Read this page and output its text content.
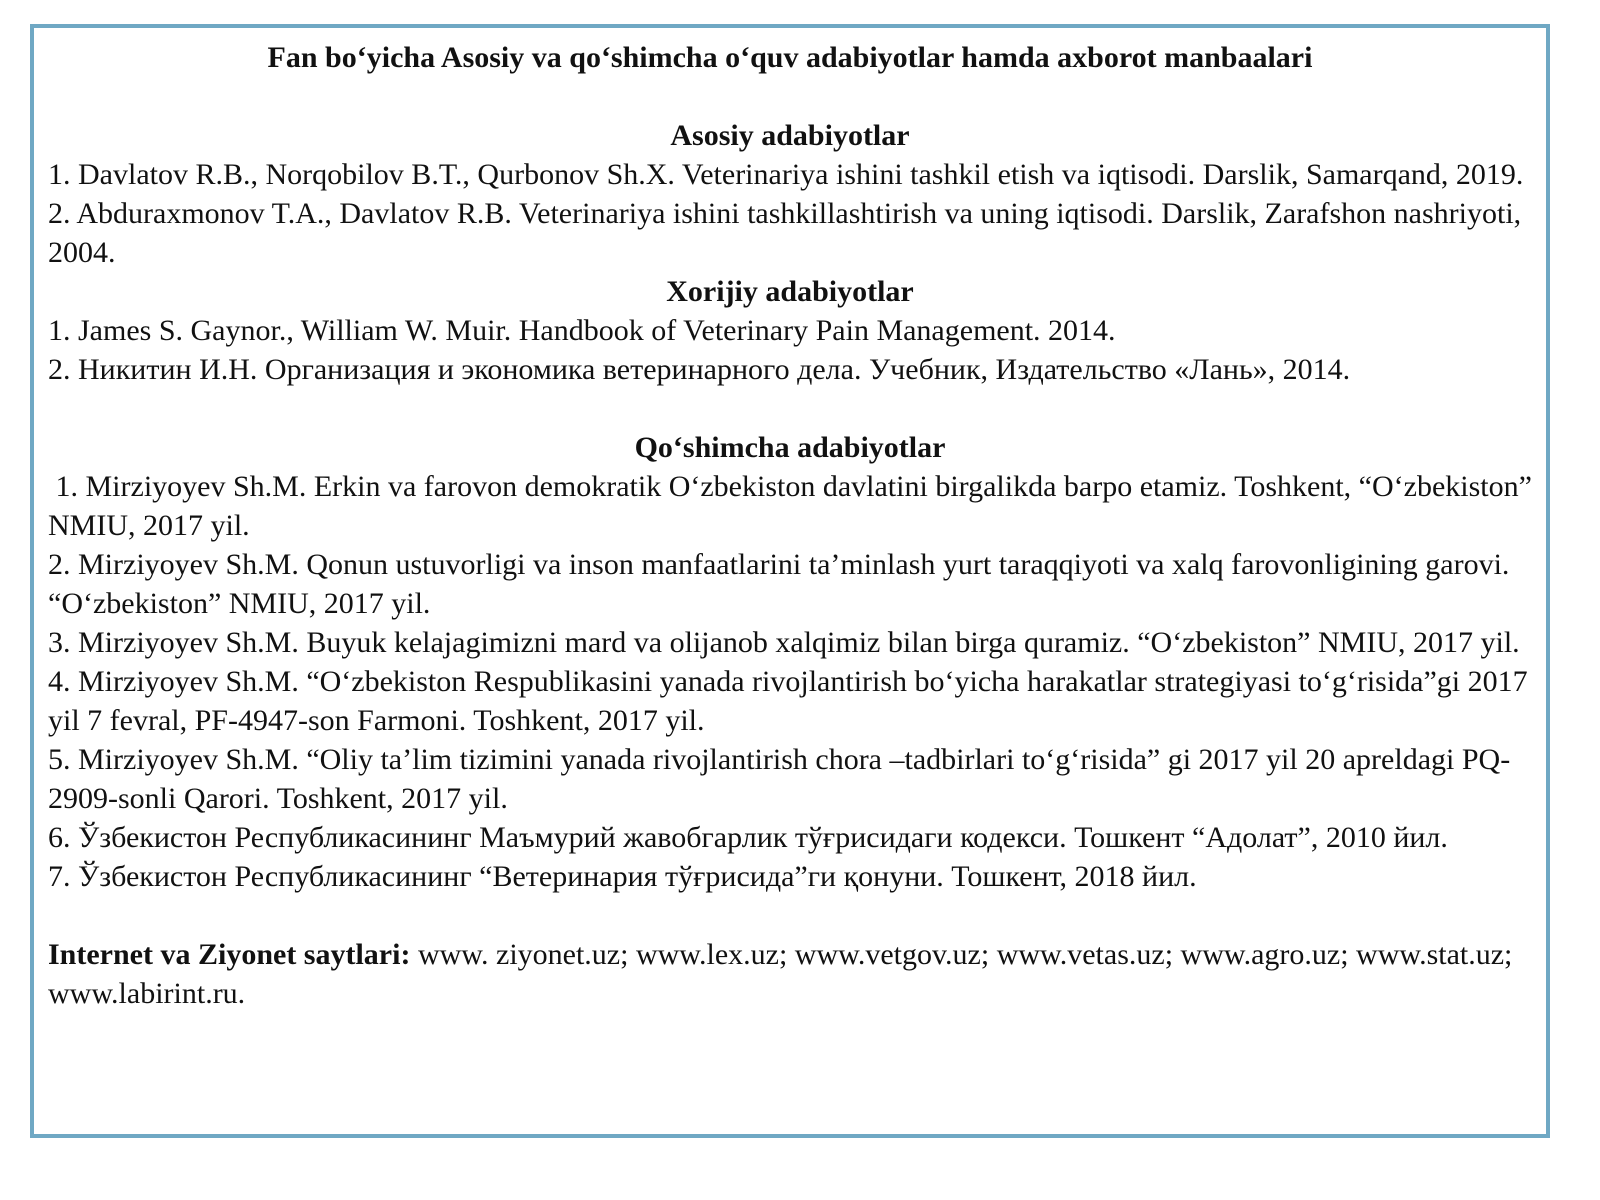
Fan bo‘yicha Asosiy va qo‘shimcha o‘quv adabiyotlar hamda axborot manbaalari
Asosiy adabiyotlar
1. Davlatov R.B., Norqobilov B.T., Qurbonov Sh.X. Veterinariya ishini tashkil etish va iqtisodi. Darslik, Samarqand, 2019.
2. Abduraxmonov T.A., Davlatov R.B. Veterinariya ishini tashkillashtirish va uning iqtisodi. Darslik, Zarafshon nashriyoti, 2004.
Xorijiy adabiyotlar
1. James S. Gaynor., William W. Muir. Handbook of Veterinary Pain Management. 2014.
2. Никитин И.Н. Организация и экономика ветеринарного дела. Учебник, Издательство «Лань», 2014.
Qo‘shimcha adabiyotlar
1. Mirziyoyev Sh.M. Erkin va farovon demokratik O‘zbekiston davlatini birgalikda barpo etamiz. Toshkent, “O‘zbekiston” NMIU, 2017 yil.
2. Mirziyoyev Sh.M. Qonun ustuvorligi va inson manfaatlarini ta’minlash yurt taraqqiyoti va xalq farovonligining garovi. “O‘zbekiston” NMIU, 2017 yil.
3. Mirziyoyev Sh.M. Buyuk kelajagimizni mard va olijanob xalqimiz bilan birga quramiz. “O‘zbekiston” NMIU, 2017 yil.
4. Mirziyoyev Sh.M. “O‘zbekiston Respublikasini yanada rivojlantirish bo‘yicha harakatlar strategiyasi to‘g‘risida”gi 2017 yil 7 fevral, PF-4947-son Farmoni. Toshkent, 2017 yil.
5. Mirziyoyev Sh.M. “Oliy ta’lim tizimini yanada rivojlantirish chora –tadbirlari to‘g‘risida” gi 2017 yil 20 apreldagi PQ-2909-sonli Qarori. Toshkent, 2017 yil.
6. Ўзбекистон Республикасининг Маъмурий жавобгарлик тўғрисидаги кодекси. Тошкент “Адолат”, 2010 йил.
7. Ўзбекистон Республикасининг “Ветеринария тўғрисида”ги қонуни. Тошкент, 2018 йил.

Internet va Ziyonet saytlari: www. ziyonet.uz; www.lex.uz; www.vetgov.uz; www.vetas.uz; www.agro.uz; www.stat.uz; www.labirint.ru.
